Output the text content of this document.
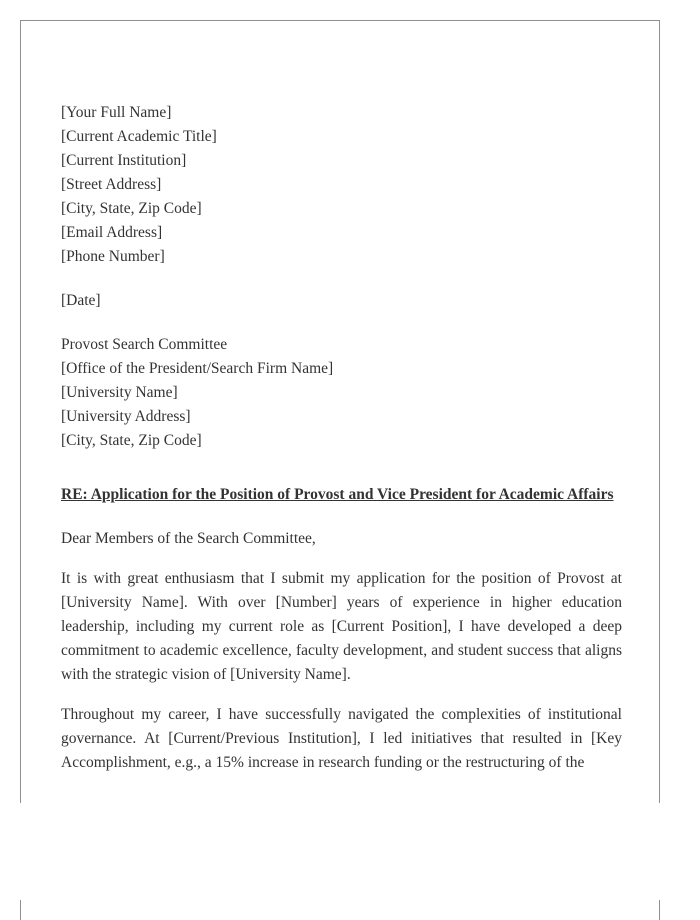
[Your Full Name]
[Current Academic Title]
[Current Institution]
[Street Address]
[City, State, Zip Code]
[Email Address]
[Phone Number]
[Date]
Provost Search Committee
[Office of the President/Search Firm Name]
[University Name]
[University Address]
[City, State, Zip Code]
RE: Application for the Position of Provost and Vice President for Academic Affairs
Dear Members of the Search Committee,

It is with great enthusiasm that I submit my application for the position of Provost at [University Name]. With over [Number] years of experience in higher education leadership, including my current role as [Current Position], I have developed a deep commitment to academic excellence, faculty development, and student success that aligns with the strategic vision of [University Name].

Throughout my career, I have successfully navigated the complexities of institutional governance. At [Current/Previous Institution], I led initiatives that resulted in [Key Accomplishment, e.g., a 15% increase in research funding or the restructuring of the
